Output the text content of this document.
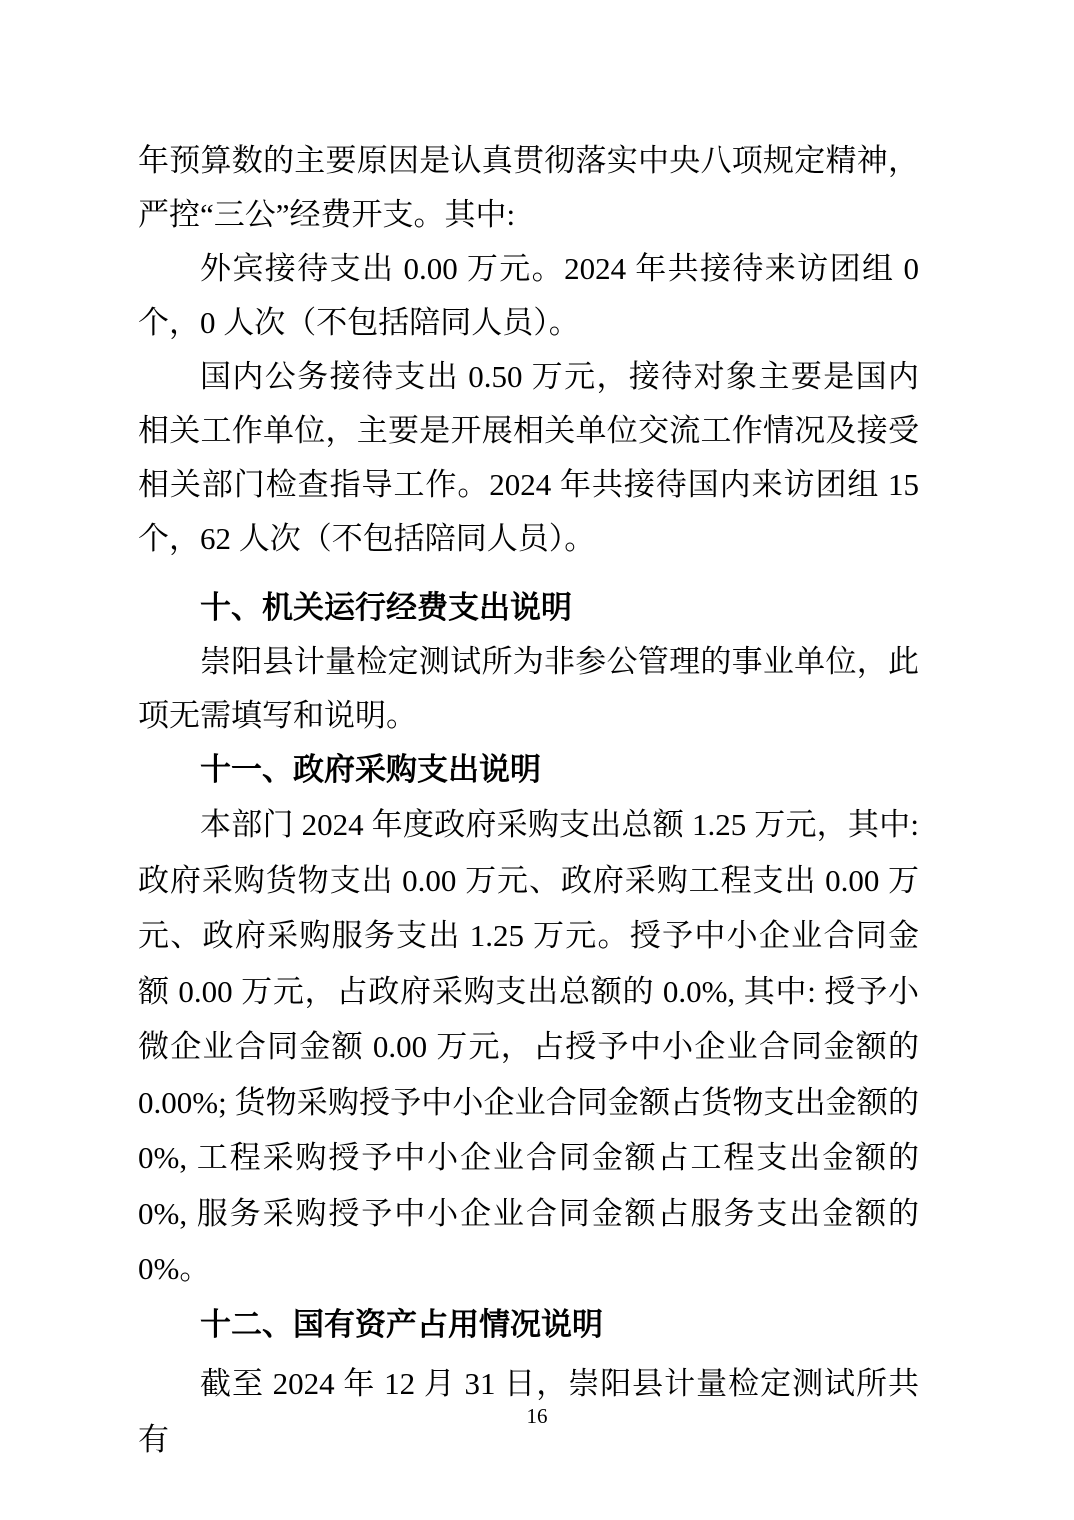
年预算数的主要原因是认真贯彻落实中央八项规定精神，严控“三公”经费开支。其中:

外宾接待支出 0.00 万元。2024 年共接待来访团组 0 个，0 人次（不包括陪同人员）。

国内公务接待支出 0.50 万元，接待对象主要是国内相关工作单位，主要是开展相关单位交流工作情况及接受相关部门检查指导工作。2024 年共接待国内来访团组 15 个，62 人次（不包括陪同人员）。

十、机关运行经费支出说明

崇阳县计量检定测试所为非参公管理的事业单位，此项无需填写和说明。

十一、政府采购支出说明

本部门 2024 年度政府采购支出总额 1.25 万元，其中:政府采购货物支出 0.00 万元、政府采购工程支出 0.00 万元、政府采购服务支出 1.25 万元。授予中小企业合同金额 0.00 万元，占政府采购支出总额的 0.0%, 其中: 授予小微企业合同金额 0.00 万元，占授予中小企业合同金额的 0.00%; 货物采购授予中小企业合同金额占货物支出金额的 0%, 工程采购授予中小企业合同金额占工程支出金额的 0%, 服务采购授予中小企业合同金额占服务支出金额的 0%。

十二、国有资产占用情况说明

截至 2024 年 12 月 31 日，崇阳县计量检定测试所共有

16
